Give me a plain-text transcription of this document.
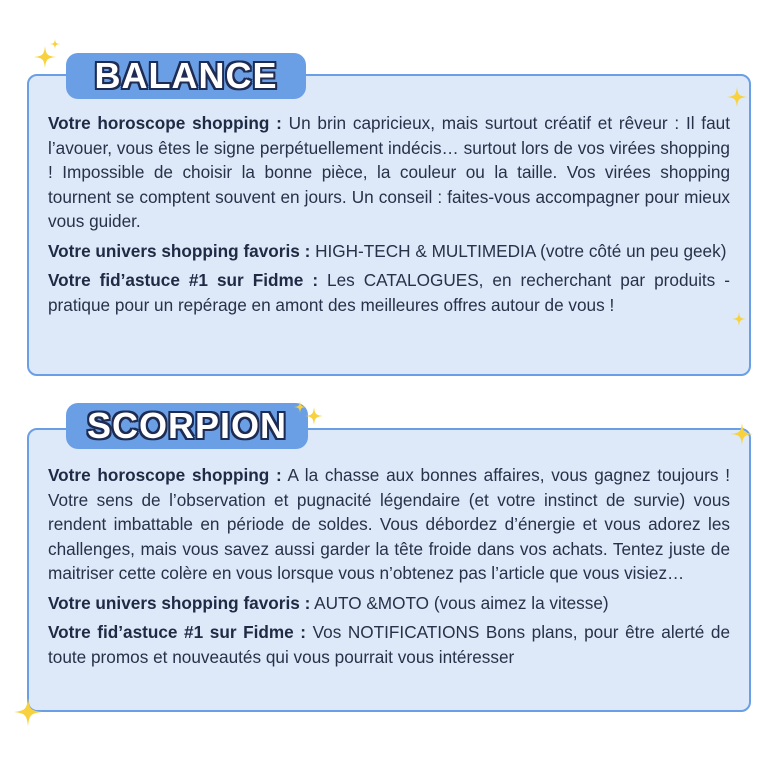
BALANCE

Votre horoscope shopping : Un brin capricieux, mais surtout créatif et rêveur : Il faut l’avouer, vous êtes le signe perpétuellement indécis… surtout lors de vos virées shopping ! Impossible de choisir la bonne pièce, la couleur ou la taille. Vos virées shopping tournent se comptent souvent en jours. Un conseil : faites-vous accompagner pour mieux vous guider.

Votre univers shopping favoris : HIGH-TECH & MULTIMEDIA (votre côté un peu geek)

Votre fid’astuce #1 sur Fidme : Les CATALOGUES, en recherchant par produits - pratique pour un repérage en amont des meilleures offres autour de vous !

SCORPION

Votre horoscope shopping : A la chasse aux bonnes affaires, vous gagnez toujours ! Votre sens de l’observation et pugnacité légendaire (et votre instinct de survie) vous rendent imbattable en période de soldes. Vous débordez d’énergie et vous adorez les challenges, mais vous savez aussi garder la tête froide dans vos achats. Tentez juste de maitriser cette colère en vous lorsque vous n’obtenez pas l’article que vous visiez…

Votre univers shopping favoris : AUTO &MOTO (vous aimez la vitesse)

Votre fid’astuce #1 sur Fidme : Vos NOTIFICATIONS Bons plans, pour être alerté de toute promos et nouveautés qui vous pourrait vous intéresser
